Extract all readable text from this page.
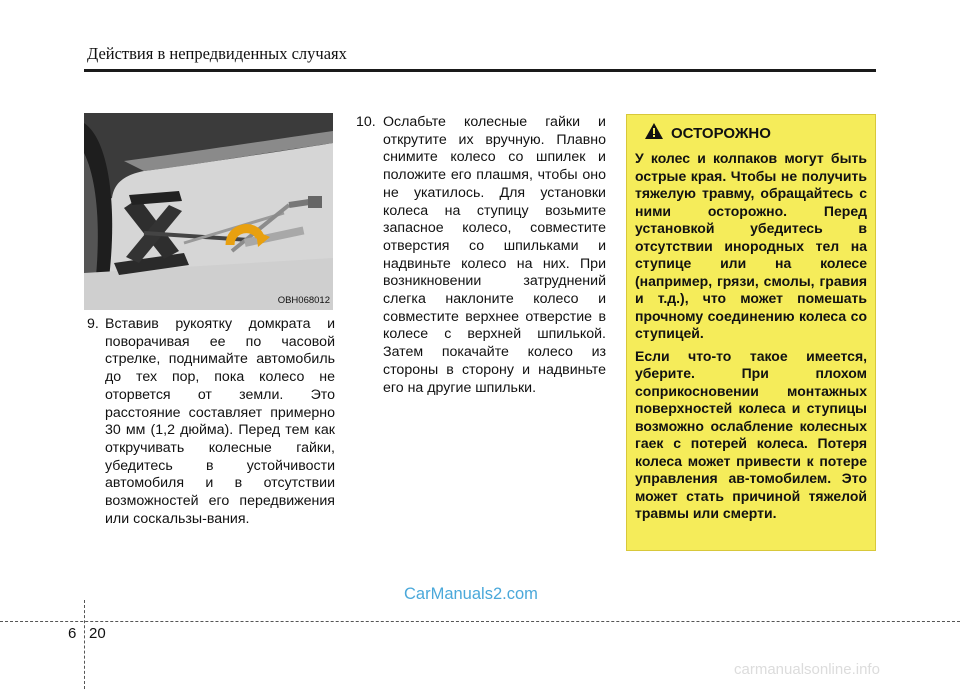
Действия в непредвиденных случаях
OBH068012
9. Вставив рукоятку домкрата и поворачивая ее по часовой стрелке, поднимайте автомобиль до тех пор, пока колесо не оторвется от земли. Это расстояние составляет примерно 30 мм (1,2 дюйма). Перед тем как откручивать колесные гайки, убедитесь в устойчивости автомобиля и в отсутствии возможностей его передвижения или соскальзы-вания.
10. Ослабьте колесные гайки и открутите их вручную. Плавно снимите колесо со шпилек и положите его плашмя, чтобы оно не укатилось. Для установки колеса на ступицу возьмите запасное колесо, совместите отверстия со шпильками и надвиньте колесо на них. При возникновении затруднений слегка наклоните колесо и совместите верхнее отверстие в колесе с верхней шпилькой. Затем покачайте колесо из стороны в сторону и надвиньте его на другие шпильки.
ОСТОРОЖНО

У колес и колпаков могут быть острые края. Чтобы не получить тяжелую травму, обращайтесь с ними осторожно. Перед установкой убедитесь в отсутствии инородных тел на ступице или на колесе (например, грязи, смолы, гравия и т.д.), что может помешать прочному соединению колеса со ступицей.

Если что-то такое имеется, уберите. При плохом соприкосновении монтажных поверхностей колеса и ступицы возможно ослабление колесных гаек с потерей колеса. Потеря колеса может привести к потере управления ав-томобилем. Это может стать причиной тяжелой травмы или смерти.

CarManuals2.com
6 20
carmanualsonline.info
